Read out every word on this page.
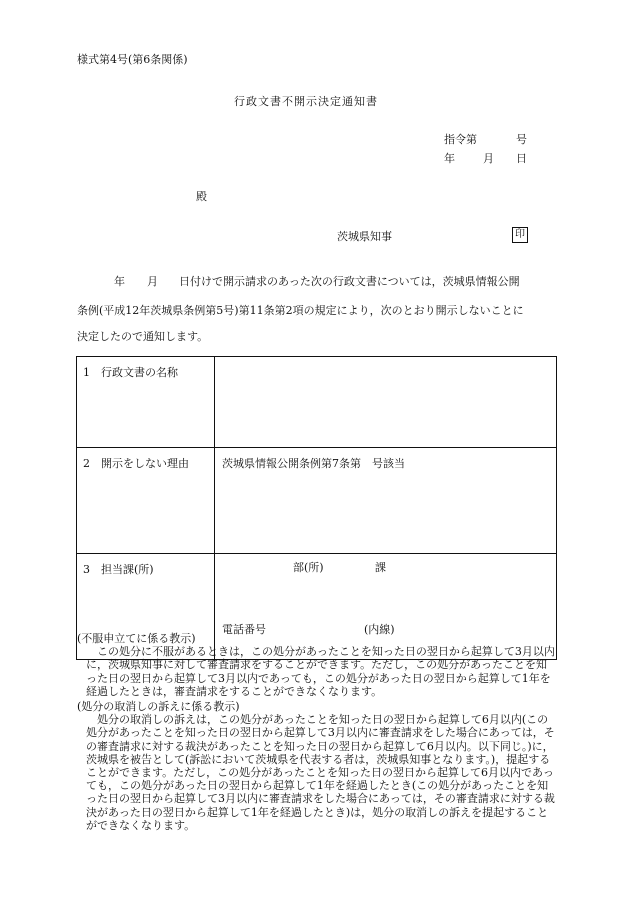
様式第4号(第6条関係)
行政文書不開示決定通知書
指令第	号
年	月 日
殿
茨城県知事	印
年 月 日付けで開示請求のあった次の行政文書については，茨城県情報公開
条例(平成12年茨城県条例第5号)第11条第2項の規定により，次のとおり開示しないことに
決定したので通知します。
1 行政文書の名称	
2 開示をしない理由	茨城県情報公開条例第7条第　号該当
3 担当課(所)	部(所) 課
電話番号 (内線)
(不服申立てに係る教示)
　この処分に不服があるときは，この処分があったことを知った日の翌日から起算して3月以内に，茨城県知事に対して審査請求をすることができます。ただし，この処分があったことを知った日の翌日から起算して3月以内であっても，この処分があった日の翌日から起算して1年を経過したときは，審査請求をすることができなくなります。
(処分の取消しの訴えに係る教示)
　処分の取消しの訴えは，この処分があったことを知った日の翌日から起算して6月以内(この処分があったことを知った日の翌日から起算して3月以内に審査請求をした場合にあっては，その審査請求に対する裁決があったことを知った日の翌日から起算して6月以内。以下同じ。)に，茨城県を被告として(訴訟において茨城県を代表する者は，茨城県知事となります。)，提起することができます。ただし，この処分があったことを知った日の翌日から起算して6月以内であっても，この処分があった日の翌日から起算して1年を経過したとき(この処分があったことを知った日の翌日から起算して3月以内に審査請求をした場合にあっては，その審査請求に対する裁決があった日の翌日から起算して1年を経過したとき)は，処分の取消しの訴えを提起することができなくなります。
